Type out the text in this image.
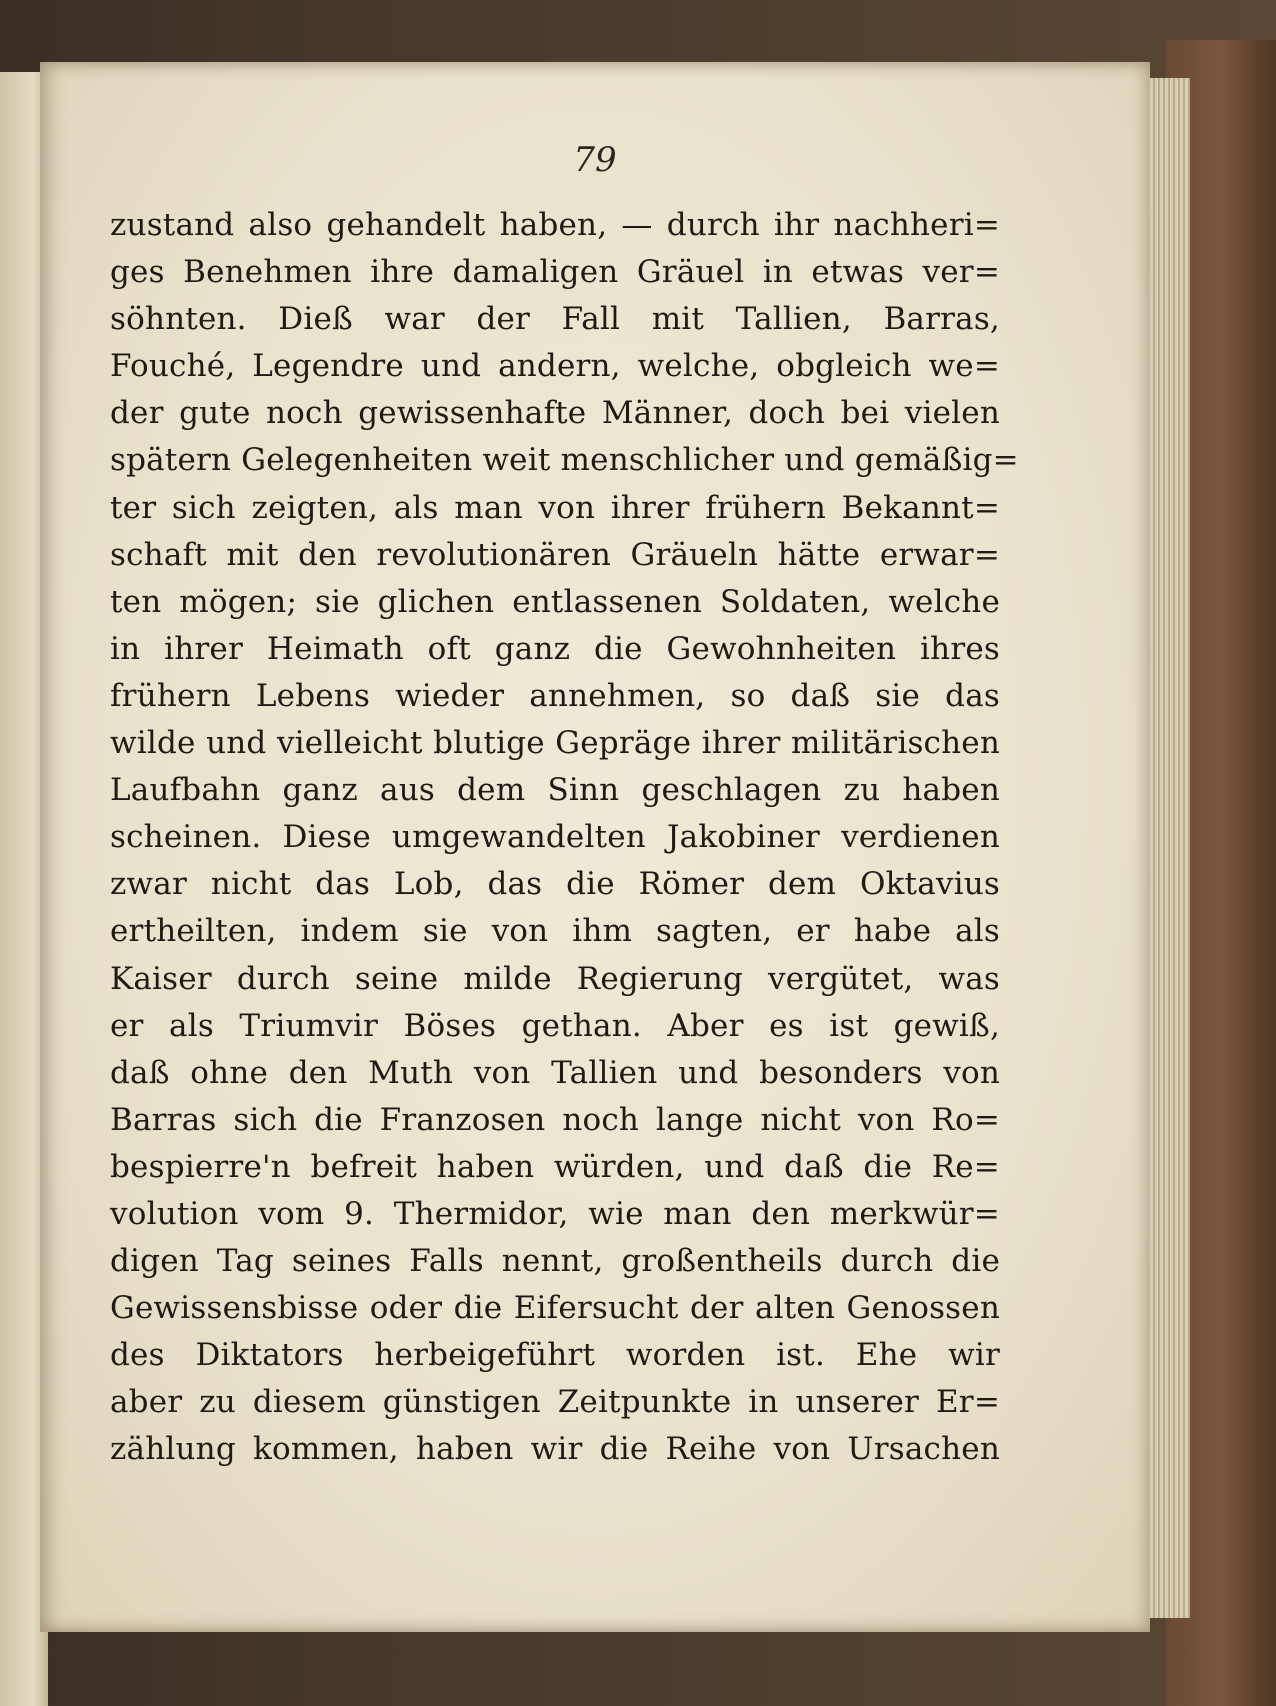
79
zustand also gehandelt haben, — durch ihr nachheri=
ges Benehmen ihre damaligen Gräuel in etwas ver=
söhnten. Dieß war der Fall mit Tallien, Barras,
Fouché, Legendre und andern, welche, obgleich we=
der gute noch gewissenhafte Männer, doch bei vielen
spätern Gelegenheiten weit menschlicher und gemäßig=
ter sich zeigten, als man von ihrer frühern Bekannt=
schaft mit den revolutionären Gräueln hätte erwar=
ten mögen; sie glichen entlassenen Soldaten, welche
in ihrer Heimath oft ganz die Gewohnheiten ihres
frühern Lebens wieder annehmen, so daß sie das
wilde und vielleicht blutige Gepräge ihrer militärischen
Laufbahn ganz aus dem Sinn geschlagen zu haben
scheinen. Diese umgewandelten Jakobiner verdienen
zwar nicht das Lob, das die Römer dem Oktavius
ertheilten, indem sie von ihm sagten, er habe als
Kaiser durch seine milde Regierung vergütet, was
er als Triumvir Böses gethan. Aber es ist gewiß,
daß ohne den Muth von Tallien und besonders von
Barras sich die Franzosen noch lange nicht von Ro=
bespierre'n befreit haben würden, und daß die Re=
volution vom 9. Thermidor, wie man den merkwür=
digen Tag seines Falls nennt, großentheils durch die
Gewissensbisse oder die Eifersucht der alten Genossen
des Diktators herbeigeführt worden ist. Ehe wir
aber zu diesem günstigen Zeitpunkte in unserer Er=
zählung kommen, haben wir die Reihe von Ursachen
